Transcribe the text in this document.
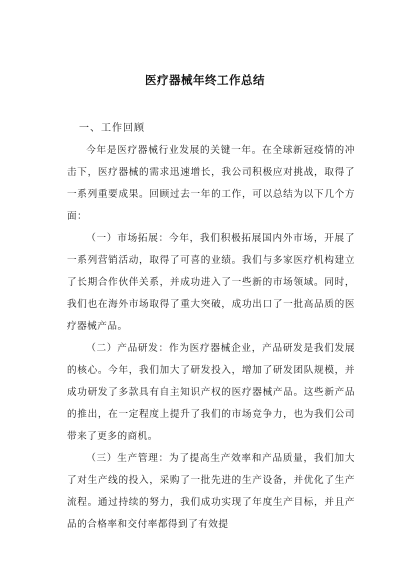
医疗器械年终工作总结

一、工作回顾

今年是医疗器械行业发展的关键一年。在全球新冠疫情的冲击下，医疗器械的需求迅速增长，我公司积极应对挑战，取得了一系列重要成果。回顾过去一年的工作，可以总结为以下几个方面：

（一）市场拓展：今年，我们积极拓展国内外市场，开展了一系列营销活动，取得了可喜的业绩。我们与多家医疗机构建立了长期合作伙伴关系，并成功进入了一些新的市场领域。同时，我们也在海外市场取得了重大突破，成功出口了一批高品质的医疗器械产品。

（二）产品研发：作为医疗器械企业，产品研发是我们发展的核心。今年，我们加大了研发投入，增加了研发团队规模，并成功研发了多款具有自主知识产权的医疗器械产品。这些新产品的推出，在一定程度上提升了我们的市场竞争力，也为我们公司带来了更多的商机。

（三）生产管理：为了提高生产效率和产品质量，我们加大了对生产线的投入，采购了一批先进的生产设备，并优化了生产流程。通过持续的努力，我们成功实现了年度生产目标，并且产品的合格率和交付率都得到了有效提
